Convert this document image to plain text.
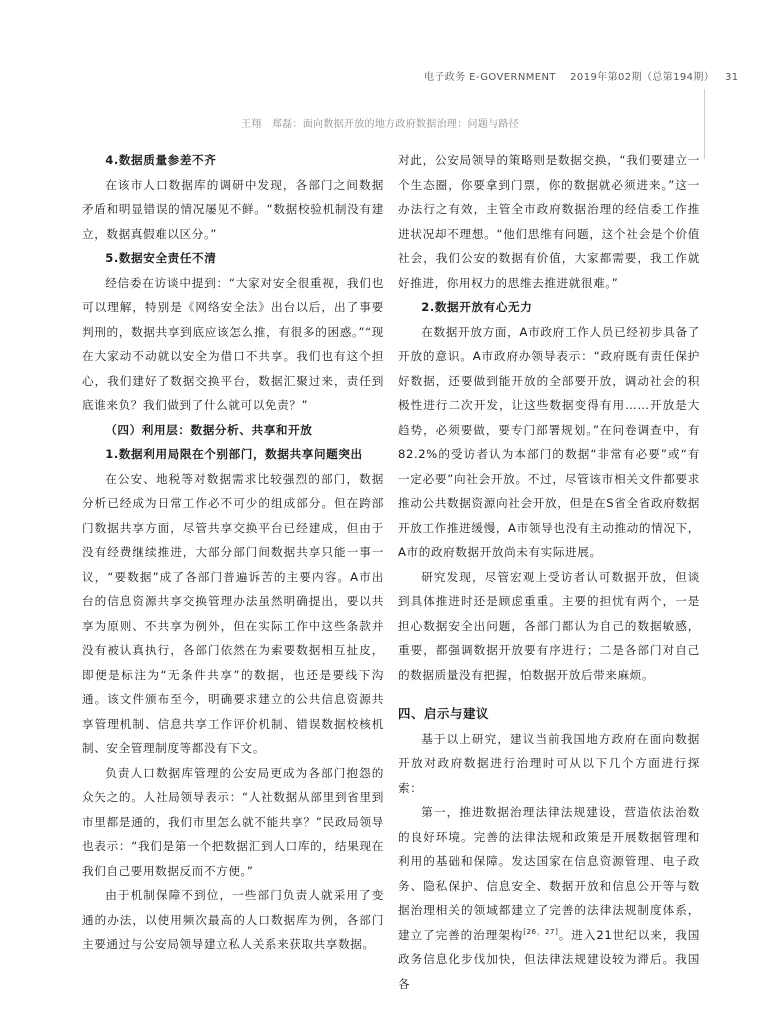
电子政务 E-GOVERNMENT 2019年第02期（总第194期） 31
王翔　郑磊：面向数据开放的地方政府数据治理：问题与路径

4.数据质量参差不齐

在该市人口数据库的调研中发现，各部门之间数据矛盾和明显错误的情况屡见不鲜。“数据校验机制没有建立，数据真假难以区分。”

5.数据安全责任不清

经信委在访谈中提到：“大家对安全很重视，我们也可以理解，特别是《网络安全法》出台以后，出了事要判刑的，数据共享到底应该怎么推，有很多的困惑。”“现在大家动不动就以安全为借口不共享。我们也有这个担心，我们建好了数据交换平台，数据汇聚过来，责任到底谁来负？我们做到了什么就可以免责？”

（四）利用层：数据分析、共享和开放

1.数据利用局限在个别部门，数据共享问题突出

在公安、地税等对数据需求比较强烈的部门，数据分析已经成为日常工作必不可少的组成部分。但在跨部门数据共享方面，尽管共享交换平台已经建成，但由于没有经费继续推进，大部分部门间数据共享只能一事一议，“要数据”成了各部门普遍诉苦的主要内容。A市出台的信息资源共享交换管理办法虽然明确提出，要以共享为原则、不共享为例外，但在实际工作中这些条款并没有被认真执行，各部门依然在为索要数据相互扯皮，即便是标注为“无条件共享”的数据，也还是要线下沟通。该文件颁布至今，明确要求建立的公共信息资源共享管理机制、信息共享工作评价机制、错误数据校核机制、安全管理制度等都没有下文。

负责人口数据库管理的公安局更成为各部门抱怨的众矢之的。人社局领导表示：“人社数据从部里到省里到市里都是通的，我们市里怎么就不能共享？”民政局领导也表示：“我们是第一个把数据汇到人口库的，结果现在我们自己要用数据反而不方便。”

由于机制保障不到位，一些部门负责人就采用了变通的办法，以使用频次最高的人口数据库为例，各部门主要通过与公安局领导建立私人关系来获取共享数据。

对此，公安局领导的策略则是数据交换，“我们要建立一个生态圈，你要拿到门票，你的数据就必须进来。”这一办法行之有效，主管全市政府数据治理的经信委工作推进状况却不理想。“他们思维有问题，这个社会是个价值社会，我们公安的数据有价值，大家都需要，我工作就好推进，你用权力的思维去推进就很难。”

2.数据开放有心无力

在数据开放方面，A市政府工作人员已经初步具备了开放的意识。A市政府办领导表示：“政府既有责任保护好数据，还要做到能开放的全部要开放，调动社会的积极性进行二次开发，让这些数据变得有用……开放是大趋势，必须要做，要专门部署规划。”在问卷调查中，有82.2%的受访者认为本部门的数据“非常有必要”或“有一定必要”向社会开放。不过，尽管该市相关文件都要求推动公共数据资源向社会开放，但是在S省全省政府数据开放工作推进缓慢，A市领导也没有主动推动的情况下，A市的政府数据开放尚未有实际进展。

研究发现，尽管宏观上受访者认可数据开放，但谈到具体推进时还是顾虑重重。主要的担忧有两个，一是担心数据安全出问题，各部门都认为自己的数据敏感，重要，都强调数据开放要有序进行；二是各部门对自己的数据质量没有把握，怕数据开放后带来麻烦。

四、启示与建议

基于以上研究，建议当前我国地方政府在面向数据开放对政府数据进行治理时可从以下几个方面进行探索：

第一，推进数据治理法律法规建设，营造依法治数的良好环境。完善的法律法规和政策是开展数据管理和利用的基础和保障。发达国家在信息资源管理、电子政务、隐私保护、信息安全、数据开放和信息公开等与数据治理相关的领域都建立了完善的法律法规制度体系，建立了完善的治理架构[26，27]。进入21世纪以来，我国政务信息化步伐加快，但法律法规建设较为滞后。我国各
